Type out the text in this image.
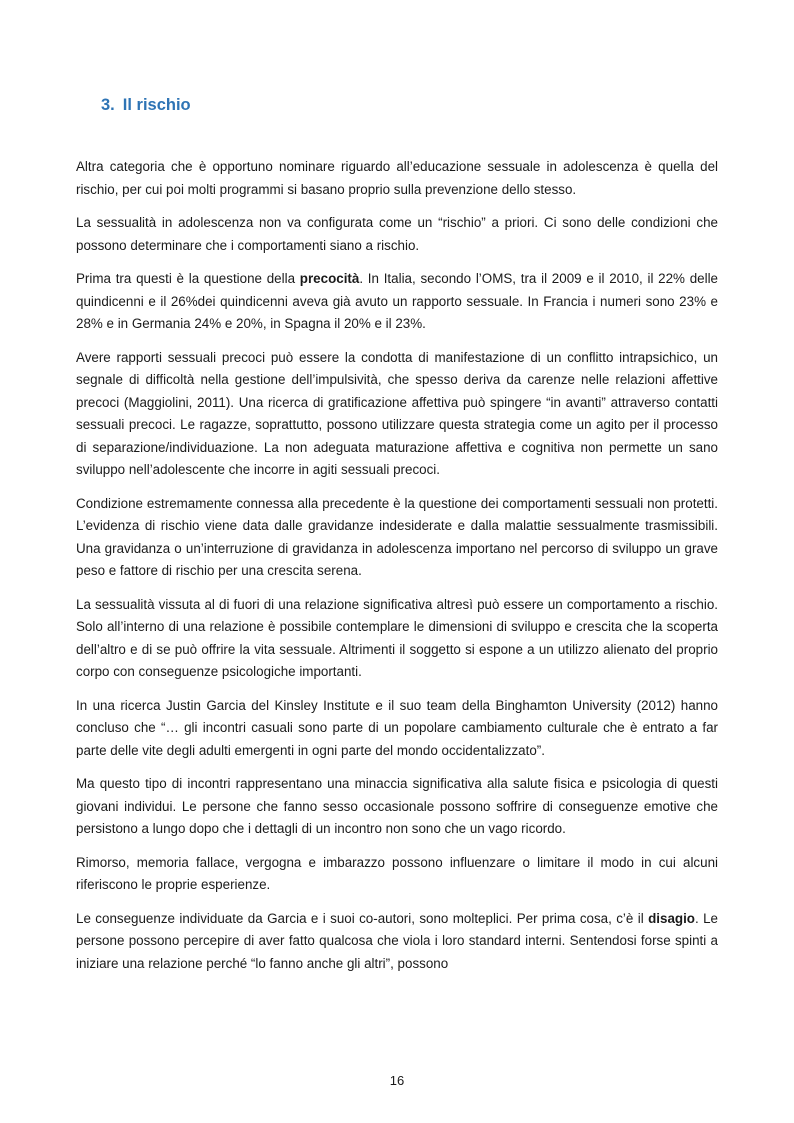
3. Il rischio

Altra categoria che è opportuno nominare riguardo all’educazione sessuale in adolescenza è quella del rischio, per cui poi molti programmi si basano proprio sulla prevenzione dello stesso.

La sessualità in adolescenza non va configurata come un “rischio” a priori. Ci sono delle condizioni che possono determinare che i comportamenti siano a rischio.

Prima tra questi è la questione della precocità. In Italia, secondo l’OMS, tra il 2009 e il 2010, il 22% delle quindicenni e il 26%dei quindicenni aveva già avuto un rapporto sessuale. In Francia i numeri sono 23% e 28% e in Germania 24% e 20%, in Spagna il 20% e il 23%.

Avere rapporti sessuali precoci può essere la condotta di manifestazione di un conflitto intrapsichico, un segnale di difficoltà nella gestione dell’impulsività, che spesso deriva da carenze nelle relazioni affettive precoci (Maggiolini, 2011). Una ricerca di gratificazione affettiva può spingere “in avanti” attraverso contatti sessuali precoci. Le ragazze, soprattutto, possono utilizzare questa strategia come un agito per il processo di separazione/individuazione. La non adeguata maturazione affettiva e cognitiva non permette un sano sviluppo nell’adolescente che incorre in agiti sessuali precoci.

Condizione estremamente connessa alla precedente è la questione dei comportamenti sessuali non protetti. L’evidenza di rischio viene data dalle gravidanze indesiderate e dalla malattie sessualmente trasmissibili. Una gravidanza o un’interruzione di gravidanza in adolescenza importano nel percorso di sviluppo un grave peso e fattore di rischio per una crescita serena.

La sessualità vissuta al di fuori di una relazione significativa altresì può essere un comportamento a rischio. Solo all’interno di una relazione è possibile contemplare le dimensioni di sviluppo e crescita che la scoperta dell’altro e di se può offrire la vita sessuale. Altrimenti il soggetto si espone a un utilizzo alienato del proprio corpo con conseguenze psicologiche importanti.

In una ricerca Justin Garcia del Kinsley Institute e il suo team della Binghamton University (2012) hanno concluso che “… gli incontri casuali sono parte di un popolare cambiamento culturale che è entrato a far parte delle vite degli adulti emergenti in ogni parte del mondo occidentalizzato”.

Ma questo tipo di incontri rappresentano una minaccia significativa alla salute fisica e psicologia di questi giovani individui. Le persone che fanno sesso occasionale possono soffrire di conseguenze emotive che persistono a lungo dopo che i dettagli di un incontro non sono che un vago ricordo.

Rimorso, memoria fallace, vergogna e imbarazzo possono influenzare o limitare il modo in cui alcuni riferiscono le proprie esperienze.

Le conseguenze individuate da Garcia e i suoi co-autori, sono molteplici. Per prima cosa, c’è il disagio. Le persone possono percepire di aver fatto qualcosa che viola i loro standard interni. Sentendosi forse spinti a iniziare una relazione perché “lo fanno anche gli altri”, possono

16
